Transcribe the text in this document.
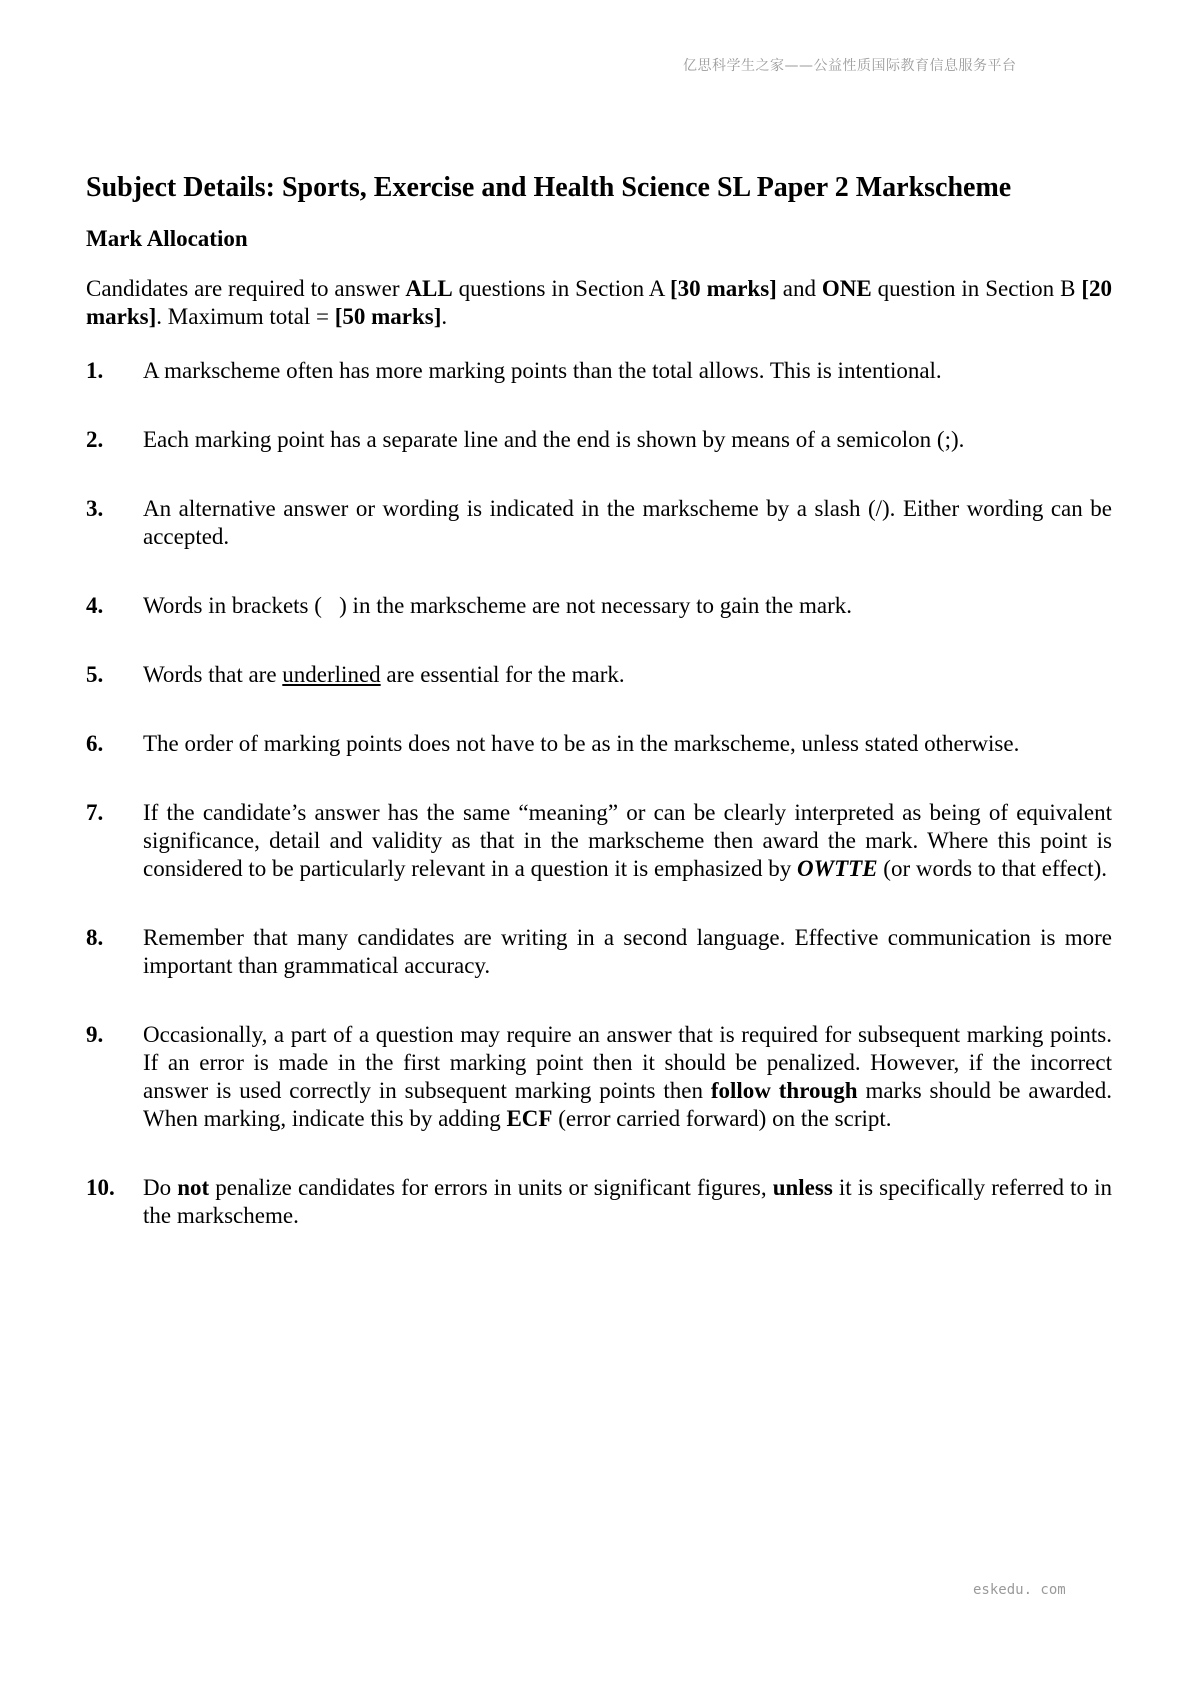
亿思科学生之家——公益性质国际教育信息服务平台
Subject Details: Sports, Exercise and Health Science SL Paper 2 Markscheme
Mark Allocation

Candidates are required to answer ALL questions in Section A [30 marks] and ONE question in Section B [20 marks]. Maximum total = [50 marks].

1.	A markscheme often has more marking points than the total allows. This is intentional.
2.	Each marking point has a separate line and the end is shown by means of a semicolon (;).
3.	An alternative answer or wording is indicated in the markscheme by a slash (/). Either wording can be accepted.
4.	Words in brackets (   ) in the markscheme are not necessary to gain the mark.
5.	Words that are underlined are essential for the mark.
6.	The order of marking points does not have to be as in the markscheme, unless stated otherwise.
7.	If the candidate’s answer has the same “meaning” or can be clearly interpreted as being of equivalent significance, detail and validity as that in the markscheme then award the mark. Where this point is considered to be particularly relevant in a question it is emphasized by OWTTE (or words to that effect).
8.	Remember that many candidates are writing in a second language. Effective communication is more important than grammatical accuracy.
9.	Occasionally, a part of a question may require an answer that is required for subsequent marking points. If an error is made in the first marking point then it should be penalized. However, if the incorrect answer is used correctly in subsequent marking points then follow through marks should be awarded. When marking, indicate this by adding ECF (error carried forward) on the script.
10.	Do not penalize candidates for errors in units or significant figures, unless it is specifically referred to in the markscheme.
eskedu. com
